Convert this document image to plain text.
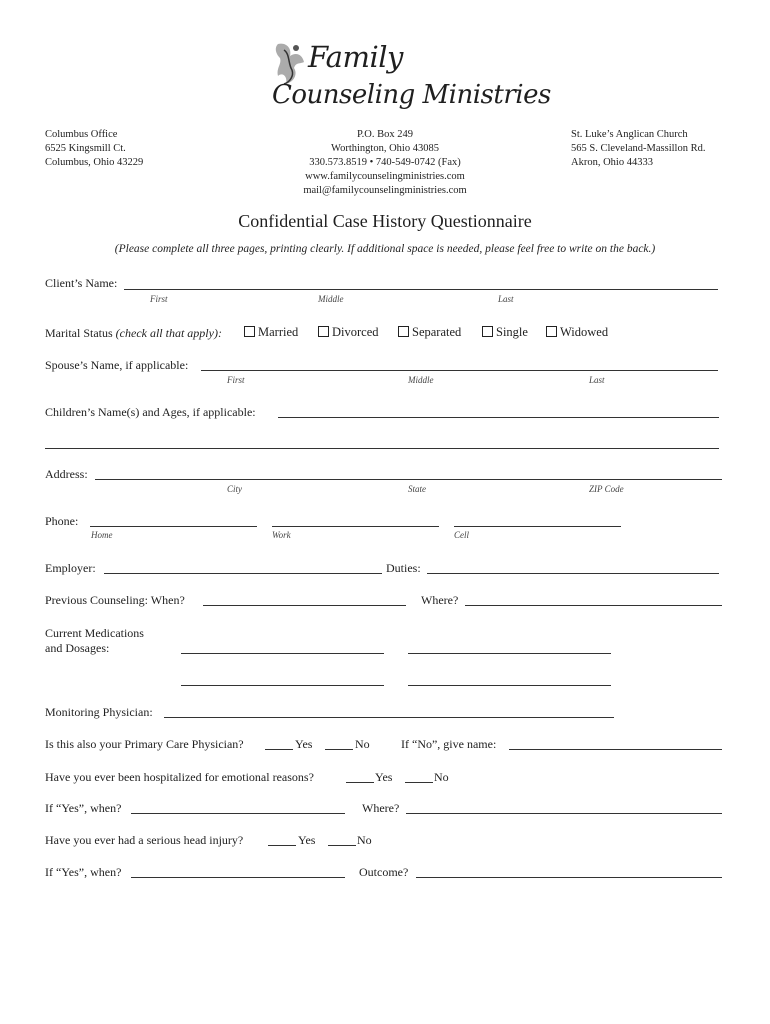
Family
Counseling Ministries
Columbus Office
6525 Kingsmill Ct.
Columbus, Ohio 43229
P.O. Box 249
Worthington, Ohio 43085
330.573.8519 • 740-549-0742 (Fax)
www.familycounselingministries.com
mail@familycounselingministries.com
St. Luke’s Anglican Church
565 S. Cleveland-Massillon Rd.
Akron, Ohio 44333
Confidential Case History Questionnaire
(Please complete all three pages, printing clearly. If additional space is needed, please feel free to write on the back.)
Client’s Name:
First	Middle	Last
Marital Status (check all that apply):	Married	Divorced	Separated	Single	Widowed
Spouse’s Name, if applicable:
First	Middle	Last
Children’s Name(s) and Ages, if applicable:
Address:
City	State	ZIP Code
Phone:
Home	Work	Cell
Employer:	Duties:
Previous Counseling: When?	Where?
Current Medications
and Dosages:
Monitoring Physician:
Is this also your Primary Care Physician?	Yes	No	If “No”, give name:
Have you ever been hospitalized for emotional reasons?	Yes	No
If “Yes”, when?	Where?
Have you ever had a serious head injury?	Yes	No
If “Yes”, when?	Outcome?
